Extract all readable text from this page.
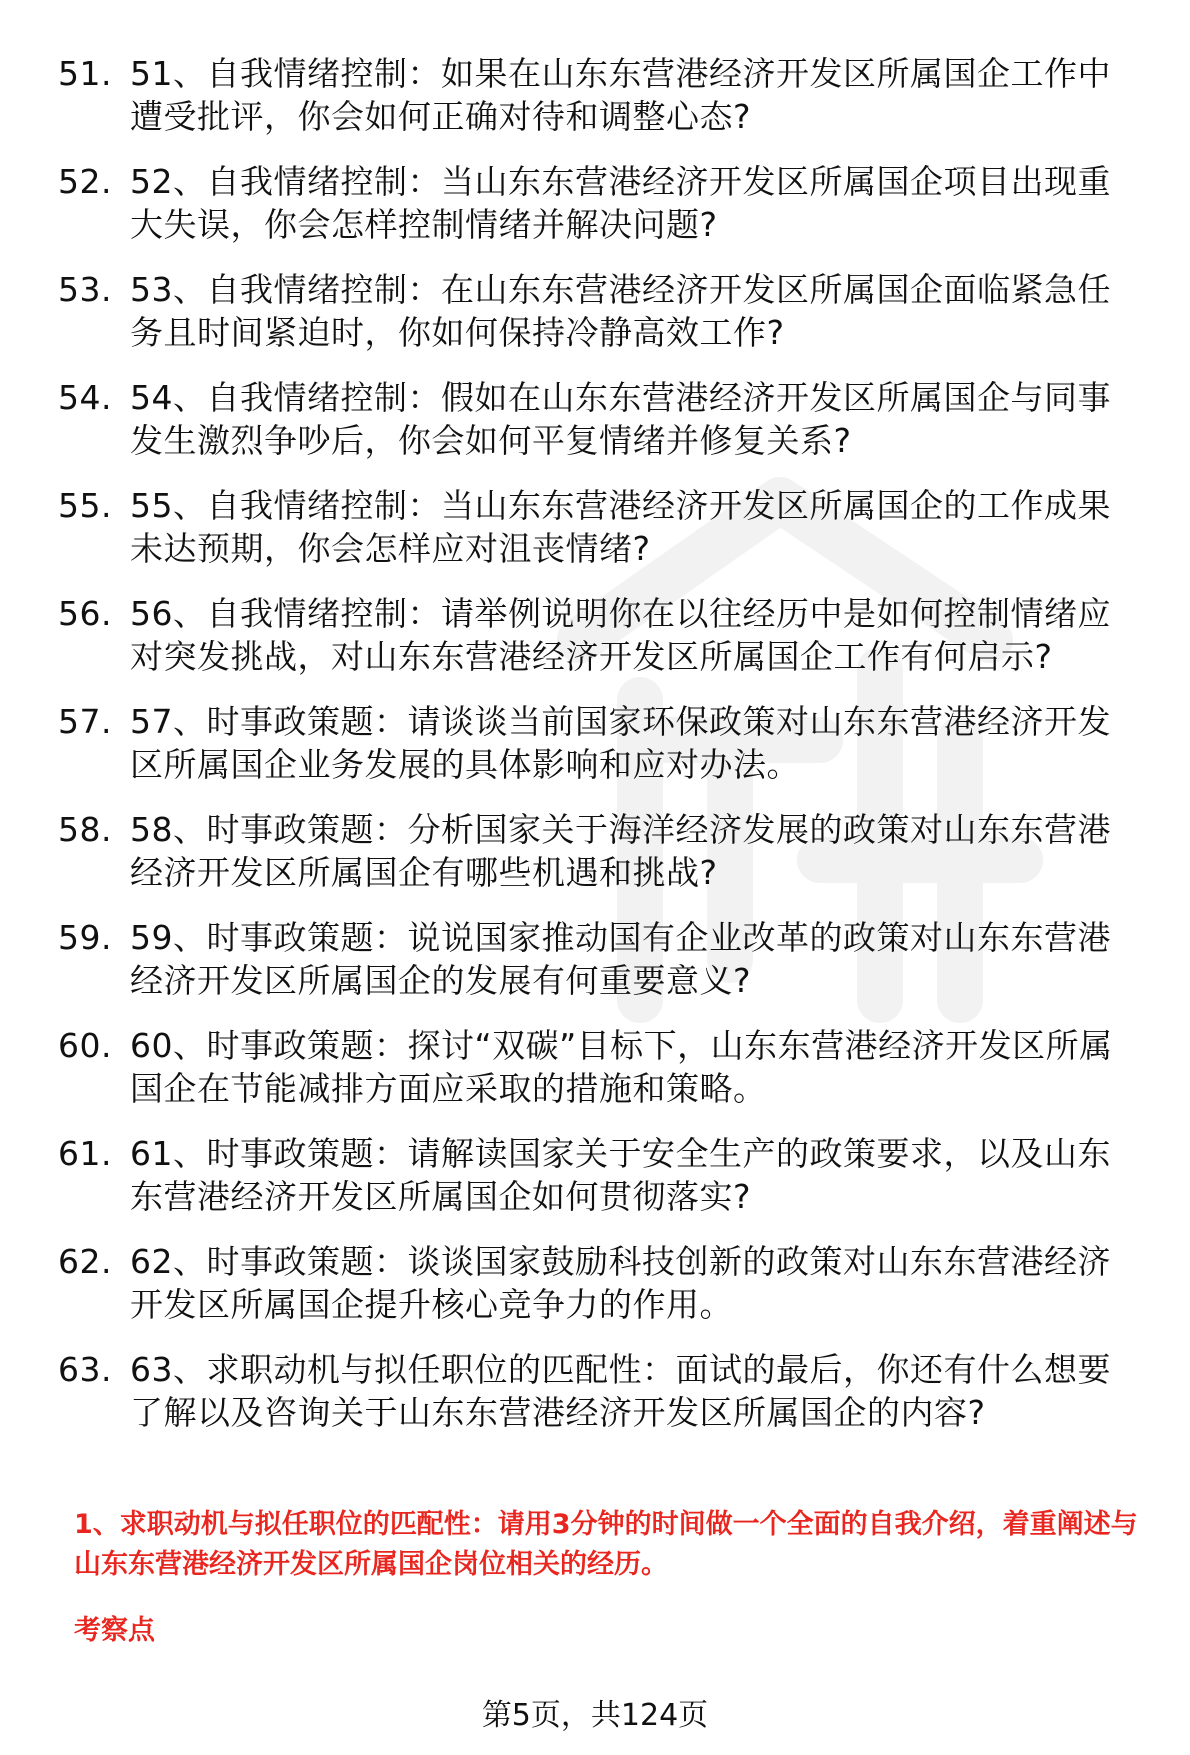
51. 51、自我情绪控制：如果在山东东营港经济开发区所属国企工作中遭受批评，你会如何正确对待和调整心态?
52. 52、自我情绪控制：当山东东营港经济开发区所属国企项目出现重大失误，你会怎样控制情绪并解决问题?
53. 53、自我情绪控制：在山东东营港经济开发区所属国企面临紧急任务且时间紧迫时，你如何保持冷静高效工作?
54. 54、自我情绪控制：假如在山东东营港经济开发区所属国企与同事发生激烈争吵后，你会如何平复情绪并修复关系?
55. 55、自我情绪控制：当山东东营港经济开发区所属国企的工作成果未达预期，你会怎样应对沮丧情绪?
56. 56、自我情绪控制：请举例说明你在以往经历中是如何控制情绪应对突发挑战，对山东东营港经济开发区所属国企工作有何启示?
57. 57、时事政策题：请谈谈当前国家环保政策对山东东营港经济开发区所属国企业务发展的具体影响和应对办法。
58. 58、时事政策题：分析国家关于海洋经济发展的政策对山东东营港经济开发区所属国企有哪些机遇和挑战?
59. 59、时事政策题：说说国家推动国有企业改革的政策对山东东营港经济开发区所属国企的发展有何重要意义?
60. 60、时事政策题：探讨“双碳”目标下，山东东营港经济开发区所属国企在节能减排方面应采取的措施和策略。
61. 61、时事政策题：请解读国家关于安全生产的政策要求，以及山东东营港经济开发区所属国企如何贯彻落实?
62. 62、时事政策题：谈谈国家鼓励科技创新的政策对山东东营港经济开发区所属国企提升核心竞争力的作用。
63. 63、求职动机与拟任职位的匹配性：面试的最后，你还有什么想要了解以及咨询关于山东东营港经济开发区所属国企的内容?
1、求职动机与拟任职位的匹配性：请用3分钟的时间做一个全面的自我介绍，着重阐述与山东东营港经济开发区所属国企岗位相关的经历。
考察点
第5页，共124页
